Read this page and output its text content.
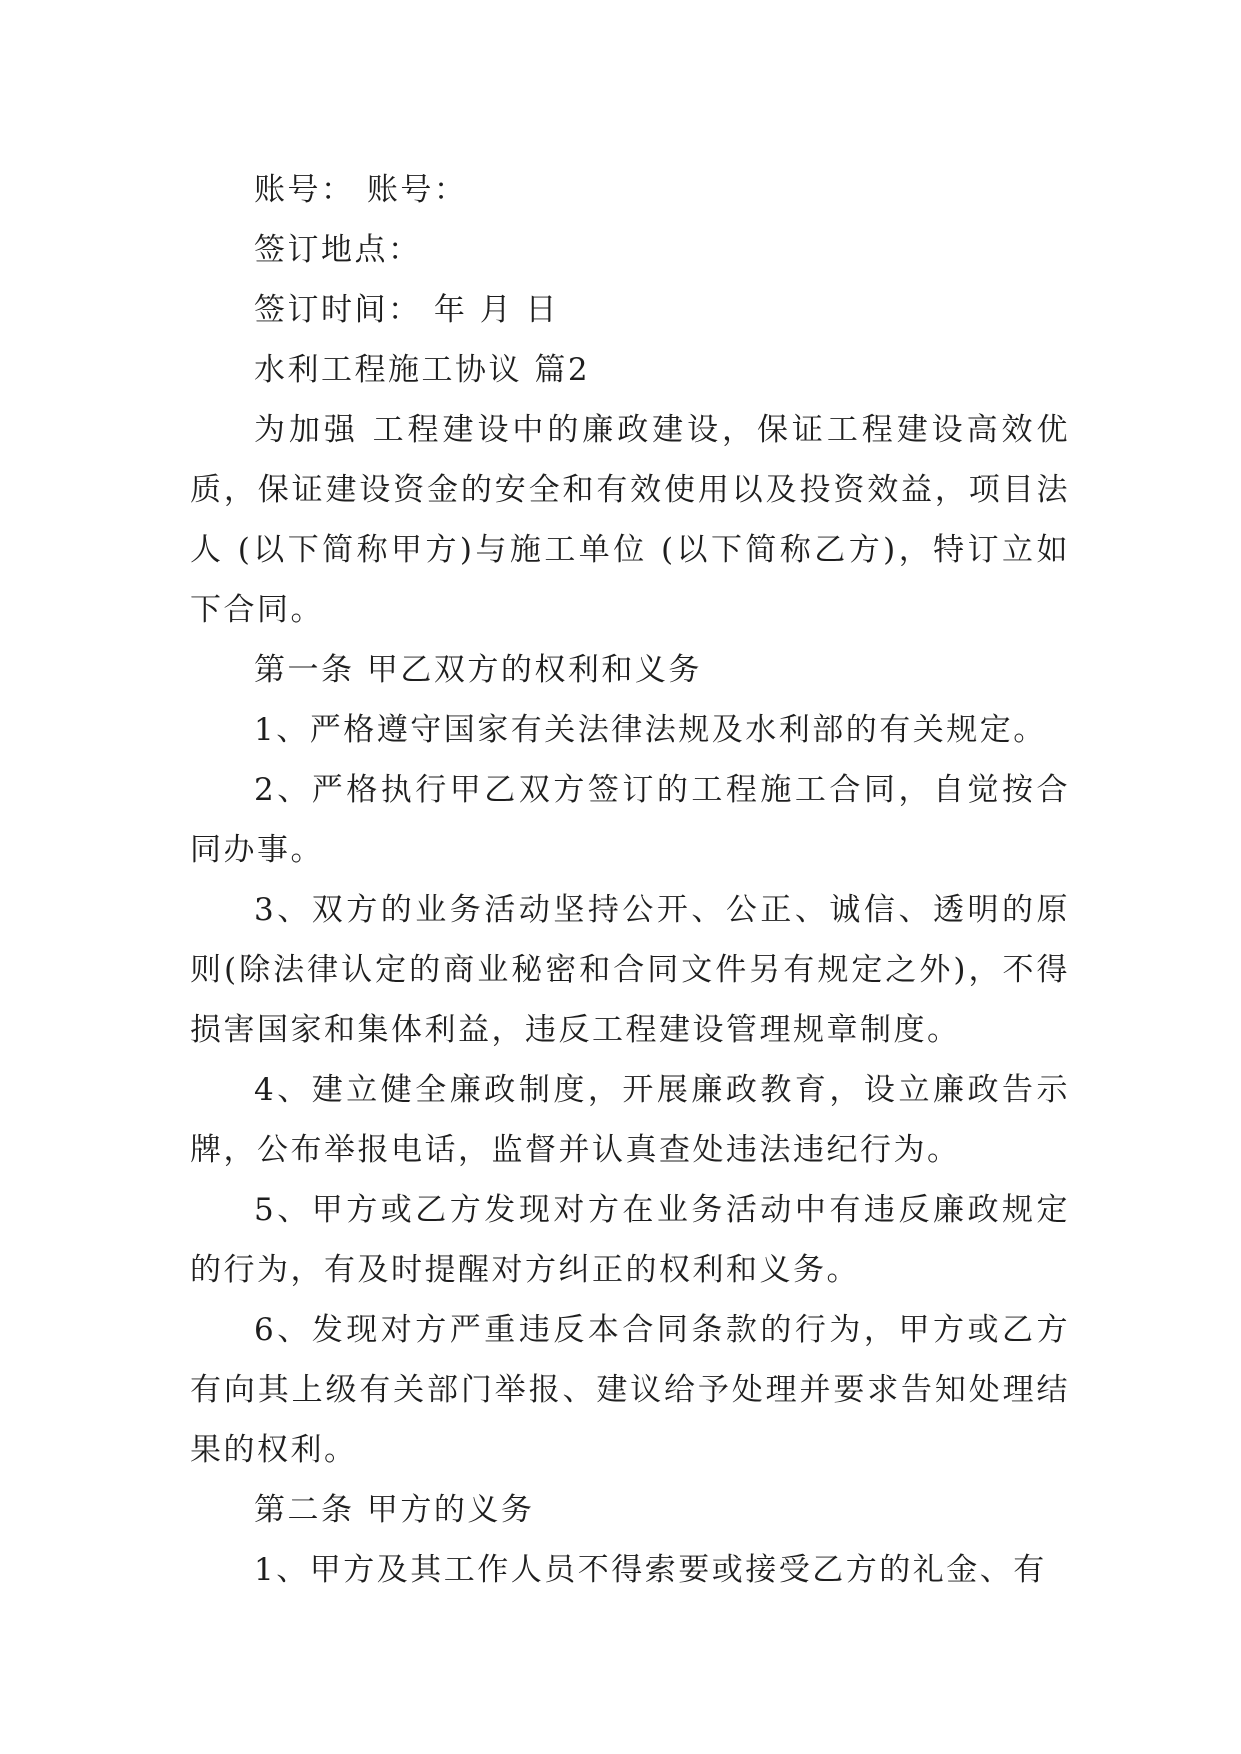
账号： 账号：

签订地点：

签订时间： 年 月 日

水利工程施工协议 篇2

为加强 工程建设中的廉政建设，保证工程建设高效优质，保证建设资金的安全和有效使用以及投资效益，项目法人 (以下简称甲方)与施工单位 (以下简称乙方)，特订立如下合同。

第一条 甲乙双方的权利和义务

1、严格遵守国家有关法律法规及水利部的有关规定。

2、严格执行甲乙双方签订的工程施工合同，自觉按合同办事。

3、双方的业务活动坚持公开、公正、诚信、透明的原则(除法律认定的商业秘密和合同文件另有规定之外)，不得损害国家和集体利益，违反工程建设管理规章制度。

4、建立健全廉政制度，开展廉政教育，设立廉政告示牌，公布举报电话，监督并认真查处违法违纪行为。

5、甲方或乙方发现对方在业务活动中有违反廉政规定的行为，有及时提醒对方纠正的权利和义务。

6、发现对方严重违反本合同条款的行为，甲方或乙方有向其上级有关部门举报、建议给予处理并要求告知处理结果的权利。

第二条 甲方的义务

1、甲方及其工作人员不得索要或接受乙方的礼金、有
